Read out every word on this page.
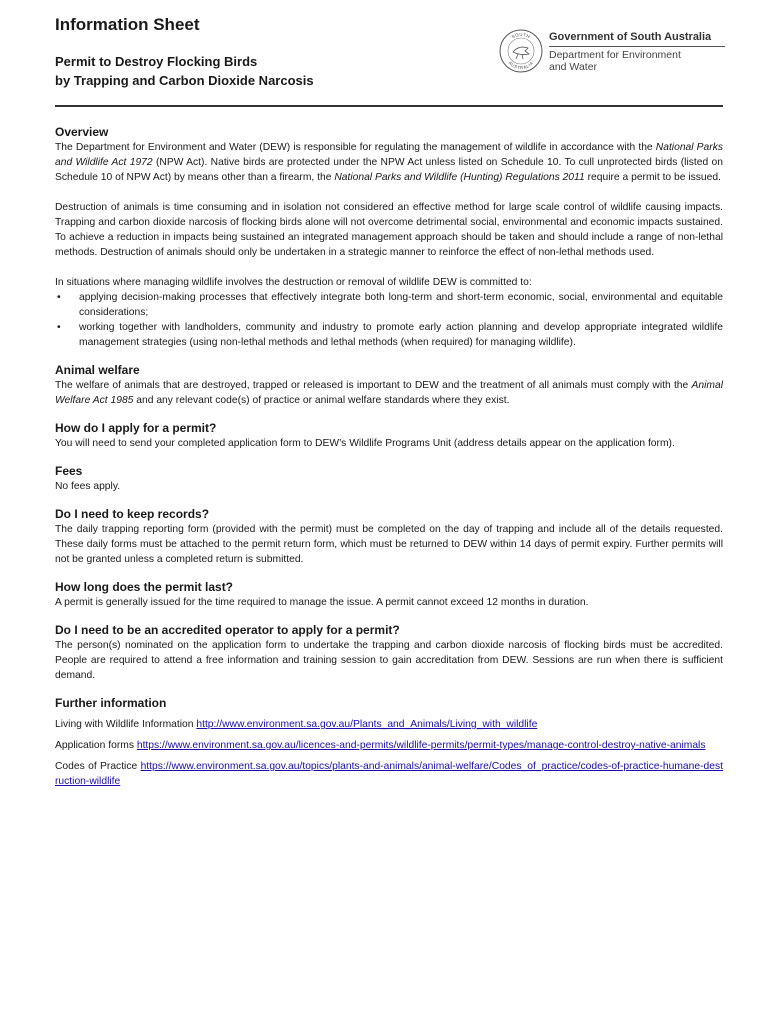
Information Sheet
Permit to Destroy Flocking Birds
by Trapping and Carbon Dioxide Narcosis
SOUTH
AUSTRALIA
Government of South Australia
Department for Environment
and Water
Overview

The Department for Environment and Water (DEW) is responsible for regulating the management of wildlife in accordance with the National Parks and Wildlife Act 1972 (NPW Act). Native birds are protected under the NPW Act unless listed on Schedule 10. To cull unprotected birds (listed on Schedule 10 of NPW Act) by means other than a firearm, the National Parks and Wildlife (Hunting) Regulations 2011 require a permit to be issued.

Destruction of animals is time consuming and in isolation not considered an effective method for large scale control of wildlife causing impacts. Trapping and carbon dioxide narcosis of flocking birds alone will not overcome detrimental social, environmental and economic impacts sustained. To achieve a reduction in impacts being sustained an integrated management approach should be taken and should include a range of non-lethal methods. Destruction of animals should only be undertaken in a strategic manner to reinforce the effect of non-lethal methods used.

In situations where managing wildlife involves the destruction or removal of wildlife DEW is committed to:

• applying decision-making processes that effectively integrate both long-term and short-term economic, social, environmental and equitable considerations;
• working together with landholders, community and industry to promote early action planning and develop appropriate integrated wildlife management strategies (using non-lethal methods and lethal methods (when required) for managing wildlife).
Animal welfare

The welfare of animals that are destroyed, trapped or released is important to DEW and the treatment of all animals must comply with the Animal Welfare Act 1985 and any relevant code(s) of practice or animal welfare standards where they exist.

How do I apply for a permit?

You will need to send your completed application form to DEW’s Wildlife Programs Unit (address details appear on the application form).

Fees

No fees apply.

Do I need to keep records?

The daily trapping reporting form (provided with the permit) must be completed on the day of trapping and include all of the details requested. These daily forms must be attached to the permit return form, which must be returned to DEW within 14 days of permit expiry. Further permits will not be granted unless a completed return is submitted.

How long does the permit last?

A permit is generally issued for the time required to manage the issue. A permit cannot exceed 12 months in duration.

Do I need to be an accredited operator to apply for a permit?

The person(s) nominated on the application form to undertake the trapping and carbon dioxide narcosis of flocking birds must be accredited. People are required to attend a free information and training session to gain accreditation from DEW. Sessions are run when there is sufficient demand.

Further information

Living with Wildlife Information http://www.environment.sa.gov.au/Plants_and_Animals/Living_with_wildlife

Application forms https://www.environment.sa.gov.au/licences-and-permits/wildlife-permits/permit-types/manage-control-destroy-native-animals

Codes of Practice https://www.environment.sa.gov.au/topics/plants-and-animals/animal-welfare/Codes_of_practice/codes-of-practice-humane-destruction-wildlife
